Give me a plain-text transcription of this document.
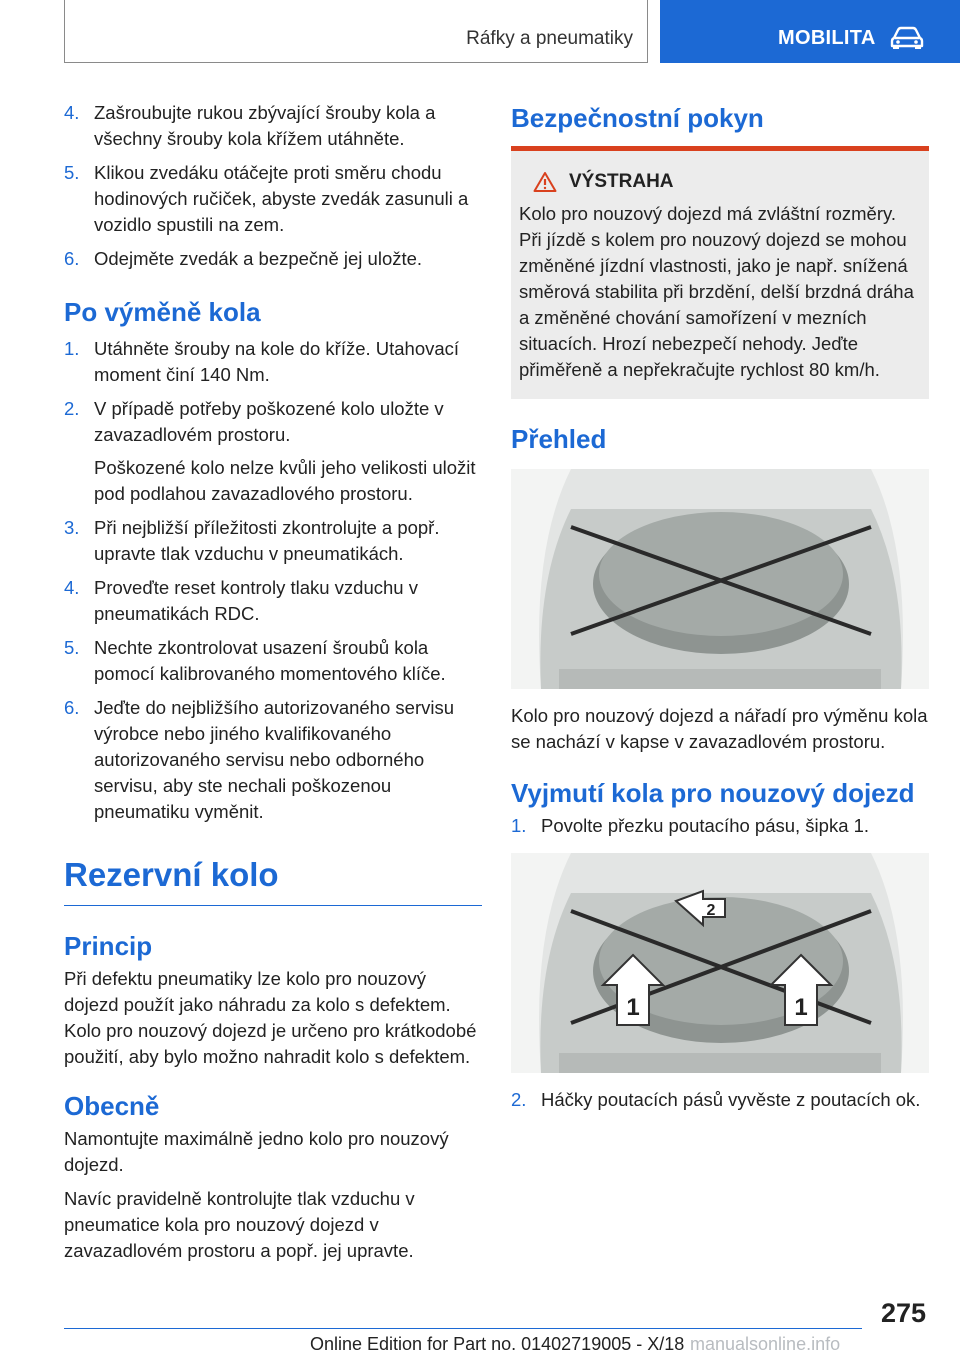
Ráfky a pneumatiky	MOBILITA
4. Zašroubujte rukou zbývající šrouby kola a všechny šrouby kola křížem utáhněte.
5. Klikou zvedáku otáčejte proti směru chodu hodinových ručiček, abyste zvedák zasunuli a vozidlo spustili na zem.
6. Odejměte zvedák a bezpečně jej uložte.
Po výměně kola
1. Utáhněte šrouby na kole do kříže. Utahovací moment činí 140 Nm.
2. V případě potřeby poškozené kolo uložte v zavazadlovém prostoru.
Poškozené kolo nelze kvůli jeho velikosti uložit pod podlahou zavazadlového prostoru.
3. Při nejbližší příležitosti zkontrolujte a popř. upravte tlak vzduchu v pneumatikách.
4. Proveďte reset kontroly tlaku vzduchu v pneumatikách RDC.
5. Nechte zkontrolovat usazení šroubů kola pomocí kalibrovaného momentového klíče.
6. Jeďte do nejbližšího autorizovaného servisu výrobce nebo jiného kvalifikovaného autorizovaného servisu nebo odborného servisu, aby ste nechali poškozenou pneumatiku vyměnit.
Rezervní kolo
Princip

Při defektu pneumatiky lze kolo pro nouzový dojezd použít jako náhradu za kolo s defektem. Kolo pro nouzový dojezd je určeno pro krátkodobé použití, aby bylo možno nahradit kolo s defektem.

Obecně

Namontujte maximálně jedno kolo pro nouzový dojezd.

Navíc pravidelně kontrolujte tlak vzduchu v pneumatice kola pro nouzový dojezd v zavazadlovém prostoru a popř. jej upravte.

Bezpečnostní pokyn
VÝSTRAHA
Kolo pro nouzový dojezd má zvláštní rozměry. Při jízdě s kolem pro nouzový dojezd se mohou změněné jízdní vlastnosti, jako je např. snížená směrová stabilita při brzdění, delší brzdná dráha a změněné chování samořízení v mezních situacích. Hrozí nebezpečí nehody. Jeďte přiměřeně a nepřekračujte rychlost 80 km/h.
Přehled

Kolo pro nouzový dojezd a nářadí pro výměnu kola se nachází v kapse v zavazadlovém prostoru.

Vyjmutí kola pro nouzový dojezd
1. Povolte přezku poutacího pásu, šipka 1.
1	1
2
2. Háčky poutacích pásů vyvěste z poutacích ok.
275
Online Edition for Part no. 01402719005 - X/18 manualsonline.info
